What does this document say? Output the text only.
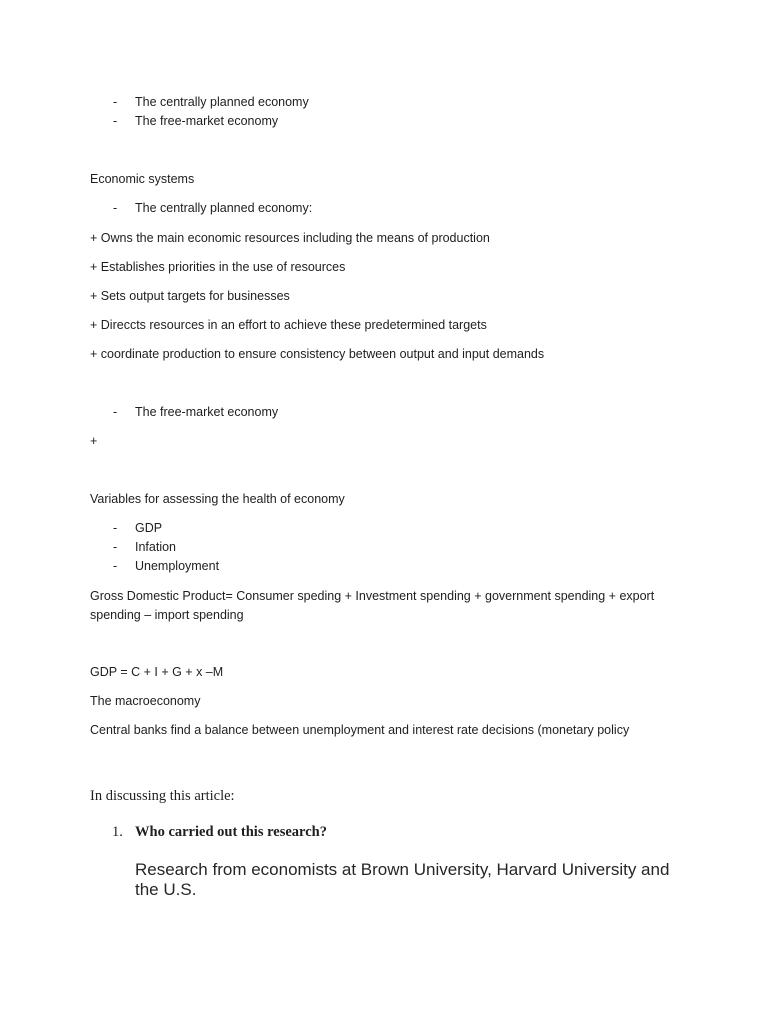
- The centrally planned economy
- The free-market economy
Economic systems
- The centrally planned economy:
+ Owns the main economic resources including the means of production
+ Establishes priorities in the use of resources
+ Sets output targets for businesses
+ Direccts resources in an effort to achieve these predetermined targets
+ coordinate production to ensure consistency between output and input demands
- The free-market economy
+
Variables for assessing the health of economy
- GDP
- Infation
- Unemployment
Gross Domestic Product= Consumer speding + Investment spending + government spending + export spending – import spending
GDP = C + I + G + x –M
The macroeconomy
Central banks find a balance between unemployment and interest rate decisions (monetary policy
In discussing this article:
1. Who carried out this research?
Research from economists at Brown University, Harvard University and the U.S.
